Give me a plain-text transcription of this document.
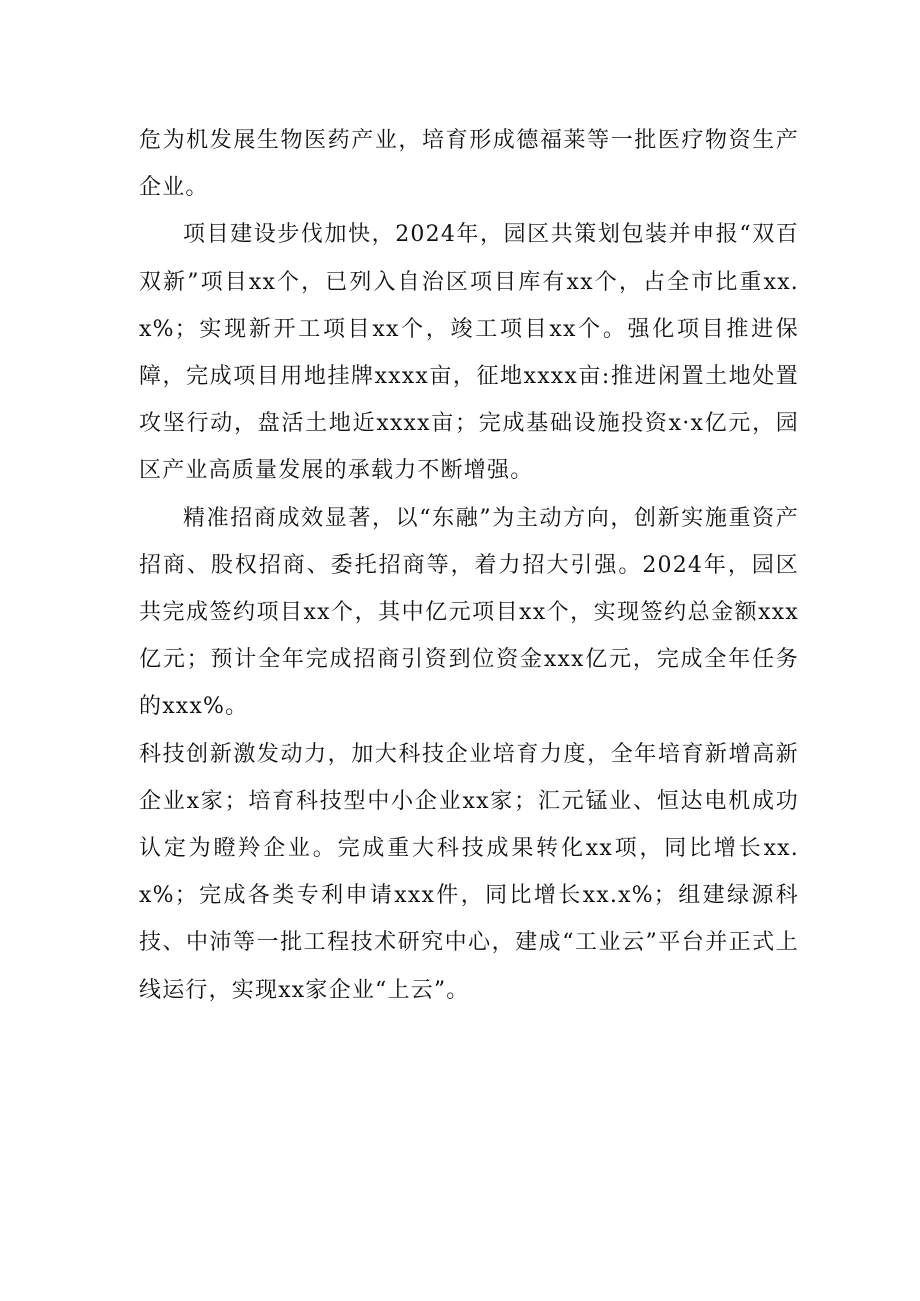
危为机发展生物医药产业，培育形成德福莱等一批医疗物资生产企业。

项目建设步伐加快，2024年，园区共策划包装并申报“双百双新”项目xx个，已列入自治区项目库有xx个，占全市比重xx.x%；实现新开工项目xx个，竣工项目xx个。强化项目推进保障，完成项目用地挂牌xxxx亩，征地xxxx亩:推进闲置土地处置攻坚行动，盘活土地近xxxx亩；完成基础设施投资x·x亿元，园区产业高质量发展的承载力不断增强。

精准招商成效显著，以“东融”为主动方向，创新实施重资产招商、股权招商、委托招商等，着力招大引强。2024年，园区共完成签约项目xx个，其中亿元项目xx个，实现签约总金额xxx亿元；预计全年完成招商引资到位资金xxx亿元，完成全年任务的xxx%。

科技创新激发动力，加大科技企业培育力度，全年培育新增高新企业x家；培育科技型中小企业xx家；汇元锰业、恒达电机成功认定为瞪羚企业。完成重大科技成果转化xx项，同比增长xx.x%；完成各类专利申请xxx件，同比增长xx.x%；组建绿源科技、中沛等一批工程技术研究中心，建成“工业云”平台并正式上线运行，实现xx家企业“上云”。
